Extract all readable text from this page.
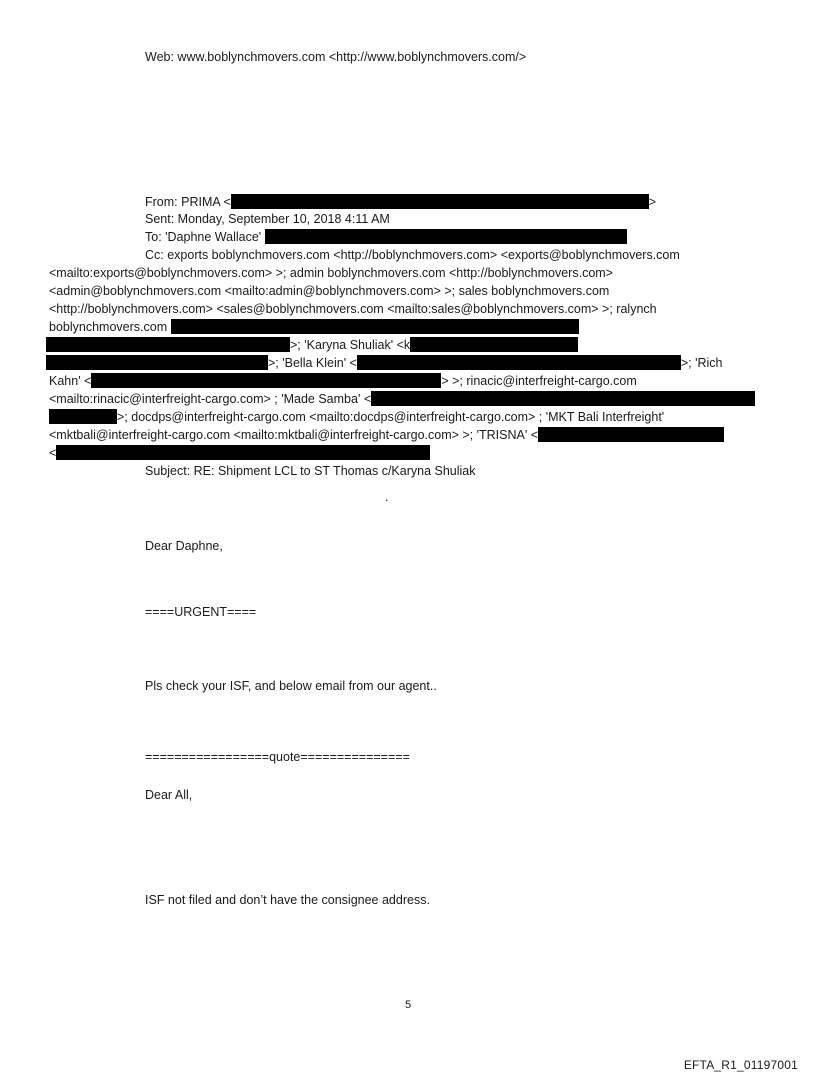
Web: www.boblynchmovers.com <http://www.boblynchmovers.com/>
From: PRIMA <	>
Sent: Monday, September 10, 2018 4:11 AM
To: 'Daphne Wallace'
Cc: exports boblynchmovers.com <http://boblynchmovers.com> <exports@boblynchmovers.com
<mailto:exports@boblynchmovers.com> >; admin boblynchmovers.com <http://boblynchmovers.com>
<admin@boblynchmovers.com <mailto:admin@boblynchmovers.com> >; sales boblynchmovers.com
<http://boblynchmovers.com> <sales@boblynchmovers.com <mailto:sales@boblynchmovers.com> >; ralynch
boblynchmovers.com
>; 'Karyna Shuliak' <k
>; 'Bella Klein' <	>; 'Rich
Kahn' <	> >; rinacic@interfreight-cargo.com
<mailto:rinacic@interfreight-cargo.com> ; 'Made Samba' <
>; docdps@interfreight-cargo.com <mailto:docdps@interfreight-cargo.com> ; 'MKT Bali Interfreight'
<mktbali@interfreight-cargo.com <mailto:mktbali@interfreight-cargo.com> >; 'TRISNA' <
<
Subject: RE: Shipment LCL to ST Thomas c/Karyna Shuliak
.
Dear Daphne,
====URGENT====
Pls check your ISF, and below email from our agent..
=================quote===============
Dear All,
ISF not filed and don’t have the consignee address.
5
EFTA_R1_01197001
